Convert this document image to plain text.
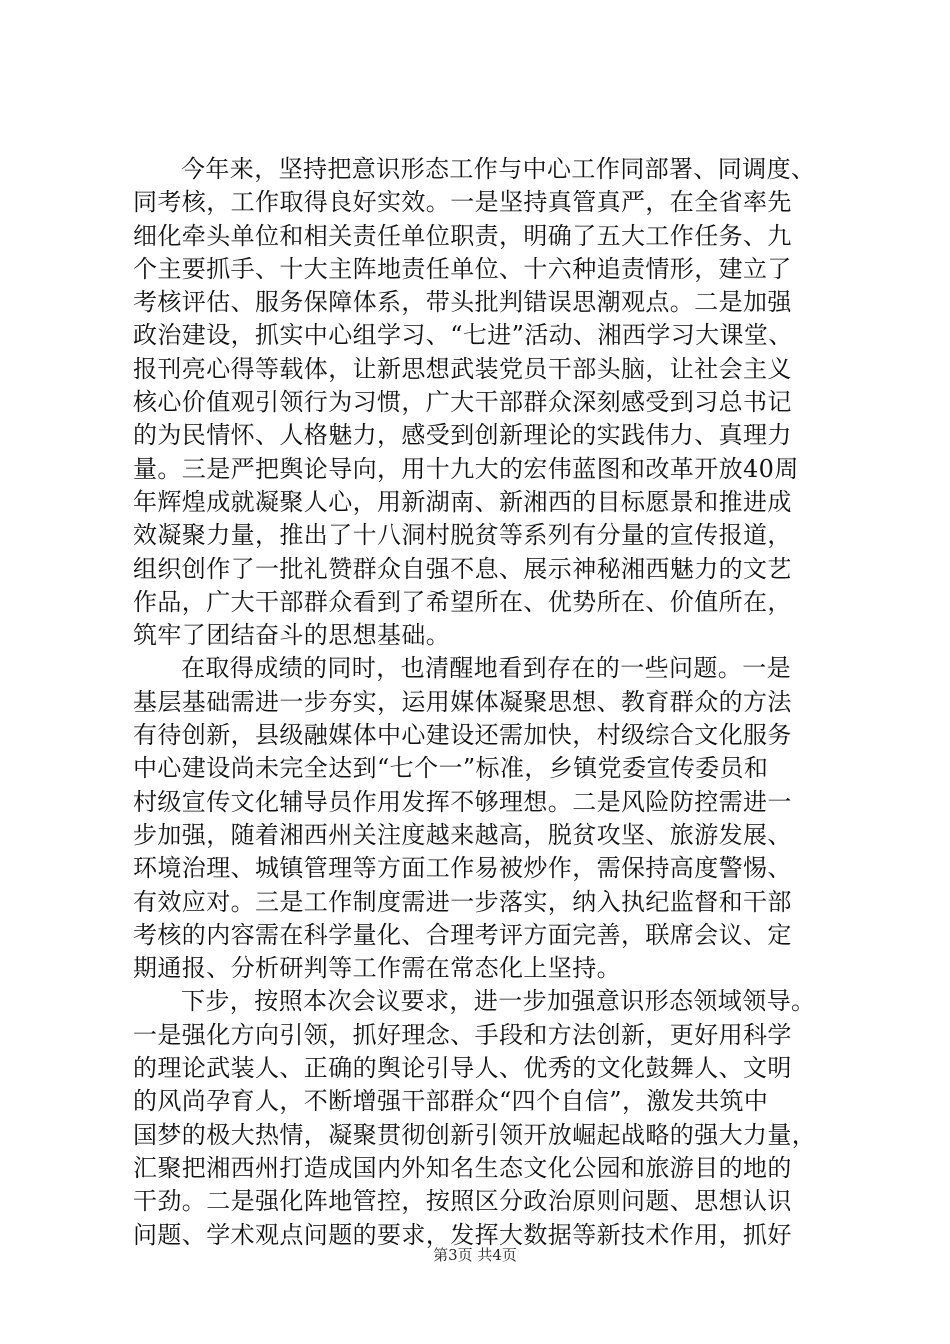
今年来，坚持把意识形态工作与中心工作同部署、同调度、
同考核，工作取得良好实效。一是坚持真管真严，在全省率先
细化牵头单位和相关责任单位职责，明确了五大工作任务、九
个主要抓手、十大主阵地责任单位、十六种追责情形，建立了
考核评估、服务保障体系，带头批判错误思潮观点。二是加强
政治建设，抓实中心组学习、“七进”活动、湘西学习大课堂、
报刊亮心得等载体，让新思想武装党员干部头脑，让社会主义
核心价值观引领行为习惯，广大干部群众深刻感受到习总书记
的为民情怀、人格魅力，感受到创新理论的实践伟力、真理力
量。三是严把舆论导向，用十九大的宏伟蓝图和改革开放40周
年辉煌成就凝聚人心，用新湖南、新湘西的目标愿景和推进成
效凝聚力量，推出了十八洞村脱贫等系列有分量的宣传报道，
组织创作了一批礼赞群众自强不息、展示神秘湘西魅力的文艺
作品，广大干部群众看到了希望所在、优势所在、价值所在，
筑牢了团结奋斗的思想基础。
在取得成绩的同时，也清醒地看到存在的一些问题。一是
基层基础需进一步夯实，运用媒体凝聚思想、教育群众的方法
有待创新，县级融媒体中心建设还需加快，村级综合文化服务
中心建设尚未完全达到“七个一”标准，乡镇党委宣传委员和
村级宣传文化辅导员作用发挥不够理想。二是风险防控需进一
步加强，随着湘西州关注度越来越高，脱贫攻坚、旅游发展、
环境治理、城镇管理等方面工作易被炒作，需保持高度警惕、
有效应对。三是工作制度需进一步落实，纳入执纪监督和干部
考核的内容需在科学量化、合理考评方面完善，联席会议、定
期通报、分析研判等工作需在常态化上坚持。
下步，按照本次会议要求，进一步加强意识形态领域领导。
一是强化方向引领，抓好理念、手段和方法创新，更好用科学
的理论武装人、正确的舆论引导人、优秀的文化鼓舞人、文明
的风尚孕育人，不断增强干部群众“四个自信”，激发共筑中
国梦的极大热情，凝聚贯彻创新引领开放崛起战略的强大力量，
汇聚把湘西州打造成国内外知名生态文化公园和旅游目的地的
干劲。二是强化阵地管控，按照区分政治原则问题、思想认识
问题、学术观点问题的要求，发挥大数据等新技术作用，抓好
第3页 共4页
